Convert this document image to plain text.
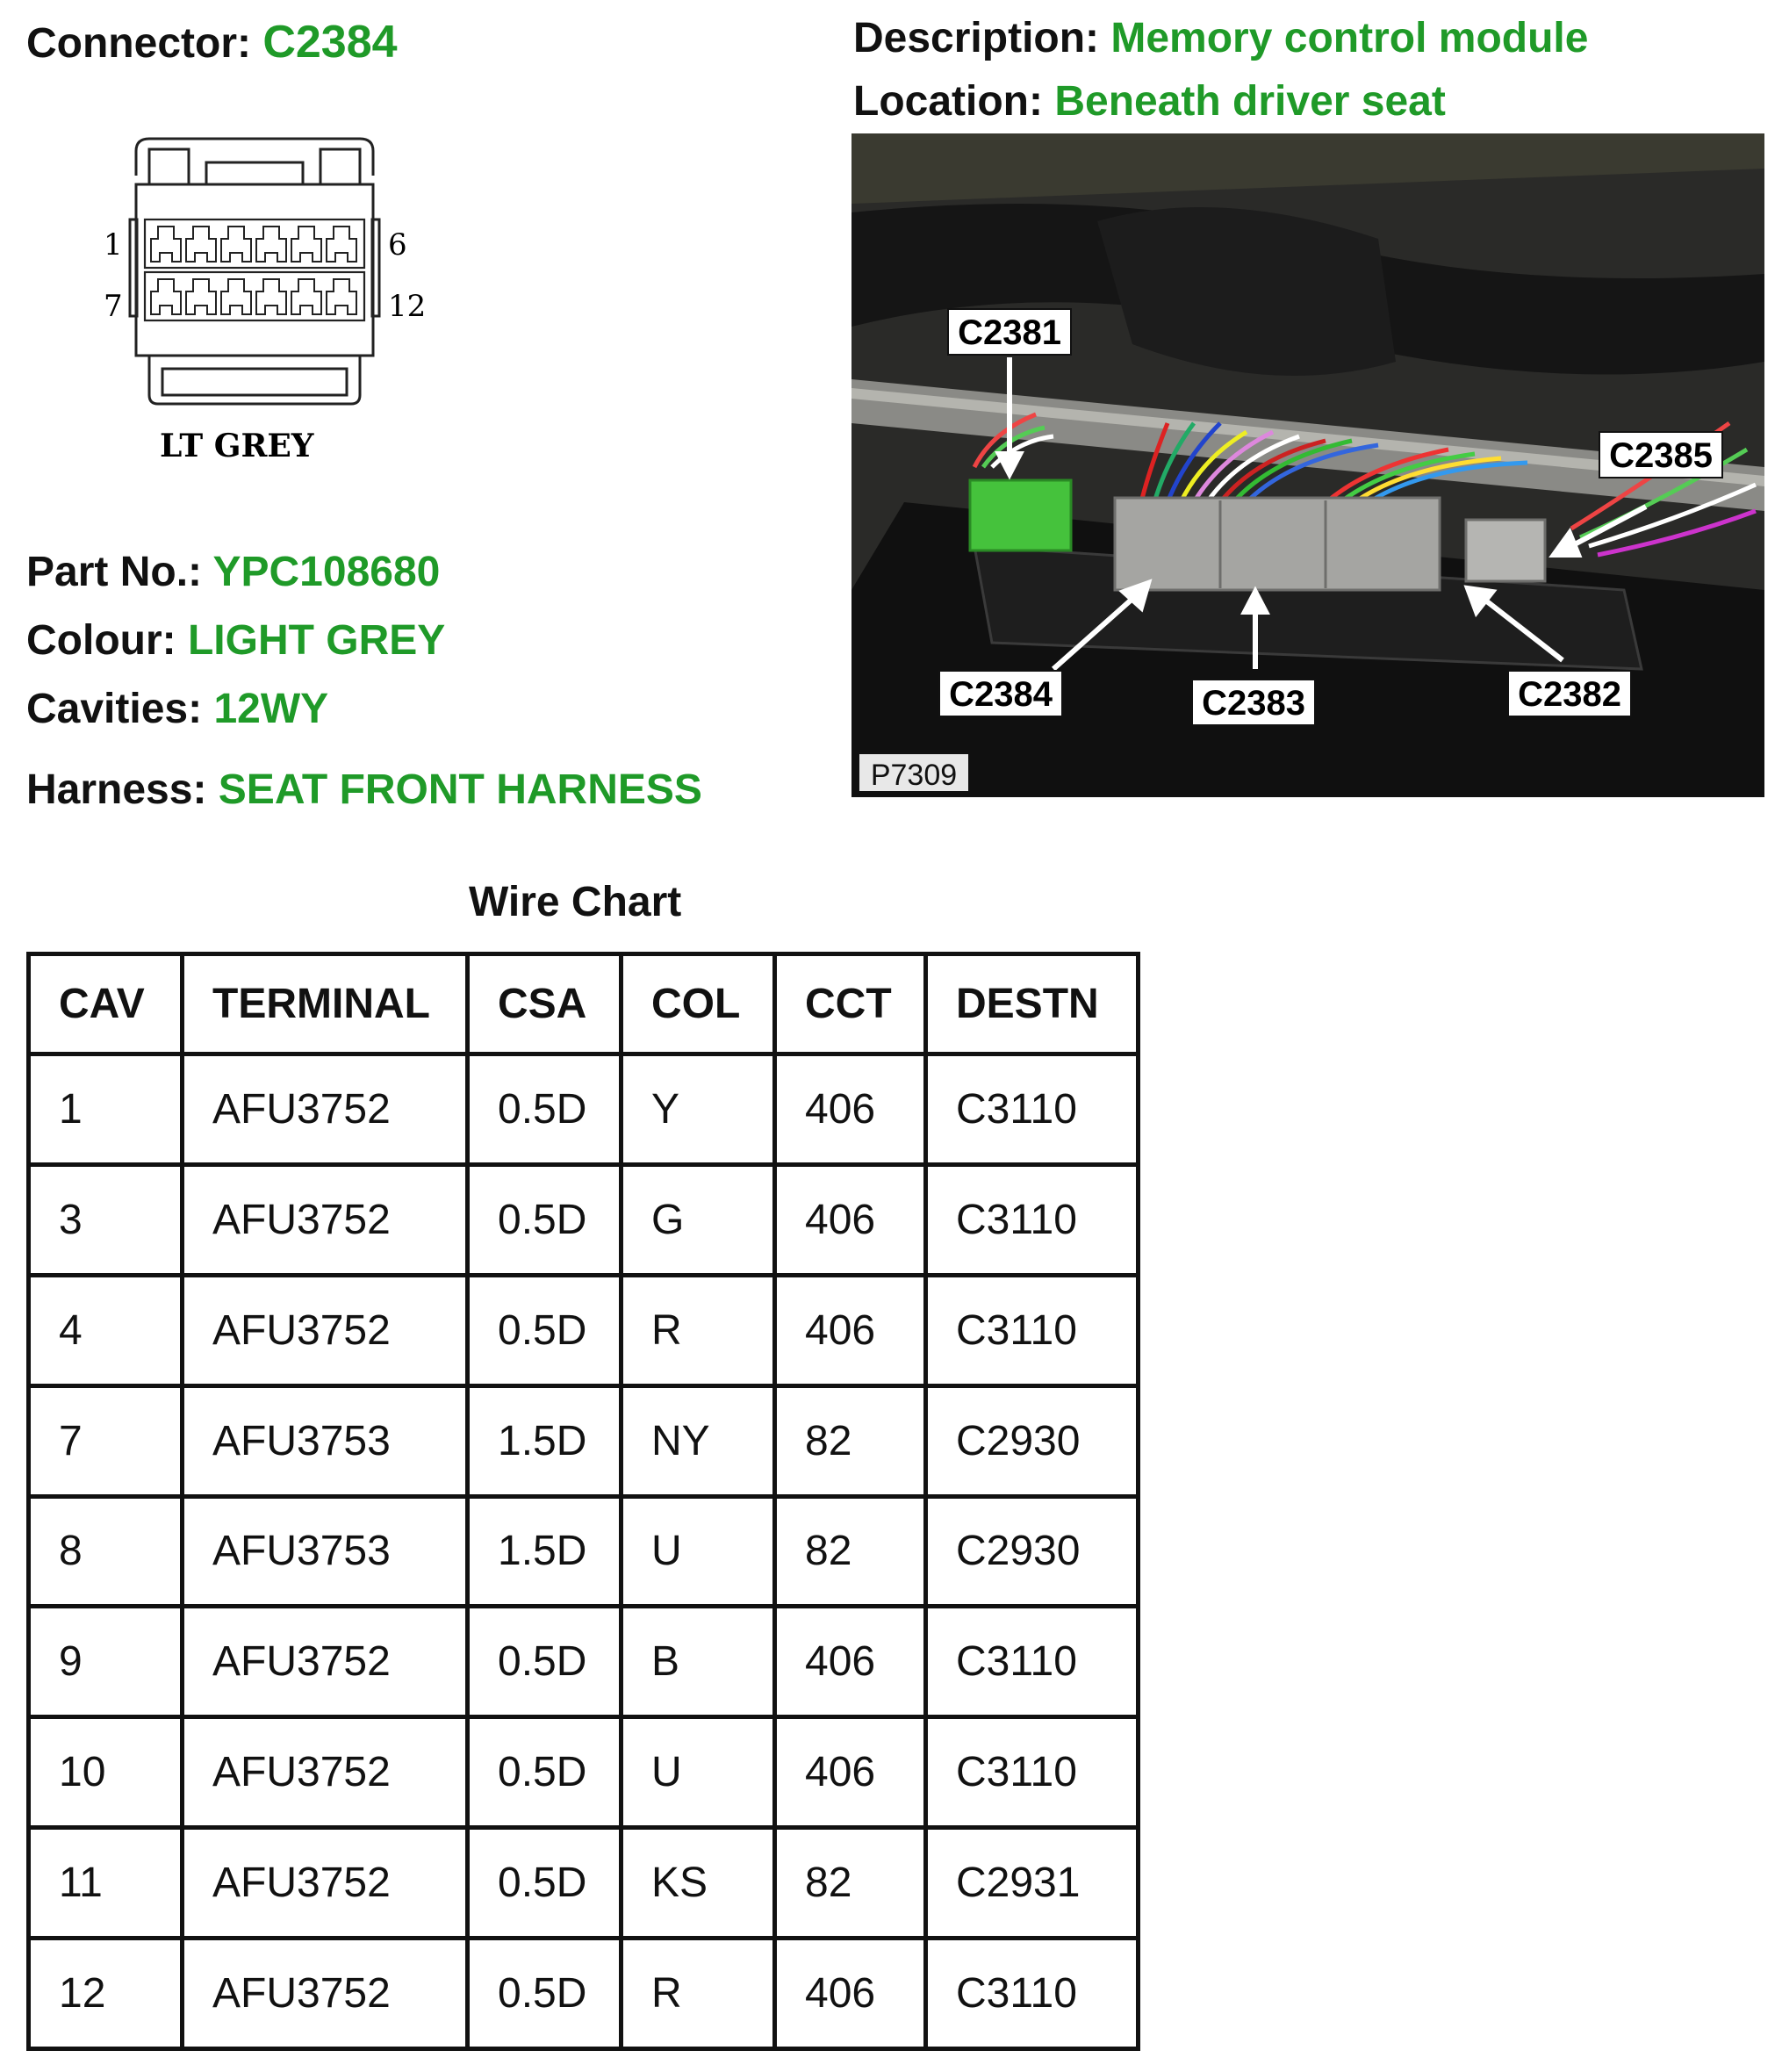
Connector: C2384	Description: Memory control module
Location: Beneath driver seat
1	6
7	12
LT GREY
Part No.: YPC108680
Colour: LIGHT GREY
Cavities: 12WY
Harness: SEAT FRONT HARNESS
C2381
C2385
C2384	C2383	C2382
P7309
Wire Chart
CAV	TERMINAL	CSA	COL	CCT	DESTN
1	AFU3752	0.5D	Y	406	C3110
3	AFU3752	0.5D	G	406	C3110
4	AFU3752	0.5D	R	406	C3110
7	AFU3753	1.5D	NY	82	C2930
8	AFU3753	1.5D	U	82	C2930
9	AFU3752	0.5D	B	406	C3110
10	AFU3752	0.5D	U	406	C3110
11	AFU3752	0.5D	KS	82	C2931
12	AFU3752	0.5D	R	406	C3110
